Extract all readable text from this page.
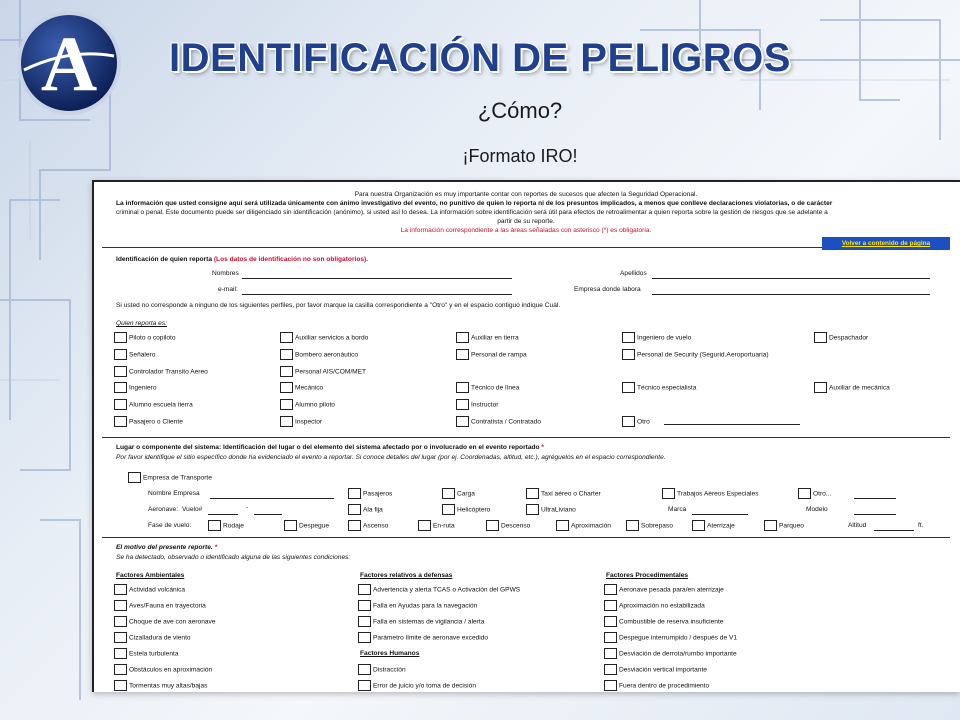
A	IDENTIFICACIÓN DE PELIGROS
¿Cómo?
¡Formato IRO!
Para nuestra Organización es muy importante contar con reportes de sucesos que afecten la Seguridad Operacional.
La información que usted consigne aquí será utilizada únicamente con ánimo investigativo del evento, no punitivo de quien lo reporta ni de los presuntos implicados, a menos que conlleve declaraciones violatorias, o de carácter
criminal o penal. Este documento puede ser diligenciado sin identificación (anónimo), si usted así lo desea. La información sobre identificación será útil para efectos de retroalimentar a quien reporta sobre la gestión de riesgos que se adelante a
partir de su reporte.
La información correspondiente a las áreas señaladas con asterisco (*) es obligatoria.
Volver a contenido de página
Identificación de quien reporta (Los datos de identificación no son obligatorios).
Nombres	Apellidos
e-mail:	Empresa donde labora
Si usted no corresponde a ninguno de los siguientes perfiles, por favor marque la casilla correspondiente a "Otro" y en el espacio contiguo indique Cuál.
Quien reporta es:
Piloto o copiloto	Auxiliar servicios a bordo	Auxiliar en tierra	Ingeniero de vuelo	Despachador
Señalero	Bombero aeronáutico	Personal de rampa	Personal de Security (Segurid.Aeroportuaria)
Controlador Transito Aereo	Personal AIS/COM/MET
Ingeniero	Mecánico	Técnico de línea	Técnico especialista	Auxiliar de mecánica
Alumno escuela tierra	Alumno piloto	Instructor
Pasajero o Cliente	Inspector	Contratista / Contratado	Otro
Lugar o componente del sistema: Identificación del lugar o del elemento del sistema afectado por o involucrado en el evento reportado *
Por favor identifique el sitio específico donde ha evidenciado el evento a reportar. Si conoce detalles del lugar (por ej. Coordenadas, altitud, etc.), agréguelos en el espacio correspondiente.
Empresa de Transporte
Nombre Empresa	Pasajeros	Carga	Taxi aéreo o Charter	Trabajos Aéreos Especiales	Otro...
Aeronave: Vuelo#	-	Ala fija	Helicóptero	UltraLiviano	Marca	Modelo
Fase de vuelo:	Rodaje	Despegue	Ascenso	En-ruta	Descenso	Aproximación	Sobrepaso	Aterrizaje	Parqueo	Altitud	ft.
El motivo del presente reporte. *
Se ha detectado, observado o identificado alguna de las siguientes condiciones:
Factores Ambientales
Actividad volcánica
Aves/Fauna en trayectoria
Choque de ave con aeronave
Cizalladura de viento
Estela turbulenta
Obstáculos en aproximación
Tormentas muy altas/bajas
Factores relativos a defensas
Advertencia y alerta TCAS o Activación del GPWS
Falla en Ayudas para la navegación
Falla en sistemas de vigilancia / alerta
Parámetro límite de aeronave excedido
Factores Humanos
Distracción
Error de juicio y/o toma de decisión
Factores Procedimentales
Aeronave pesada para/en aterrizaje
Aproximación no estabilizada
Combustible de reserva insuficiente
Despegue interrumpido / después de V1
Desviación de derrota/rumbo importante
Desviación vertical importante
Fuera dentro de procedimiento
